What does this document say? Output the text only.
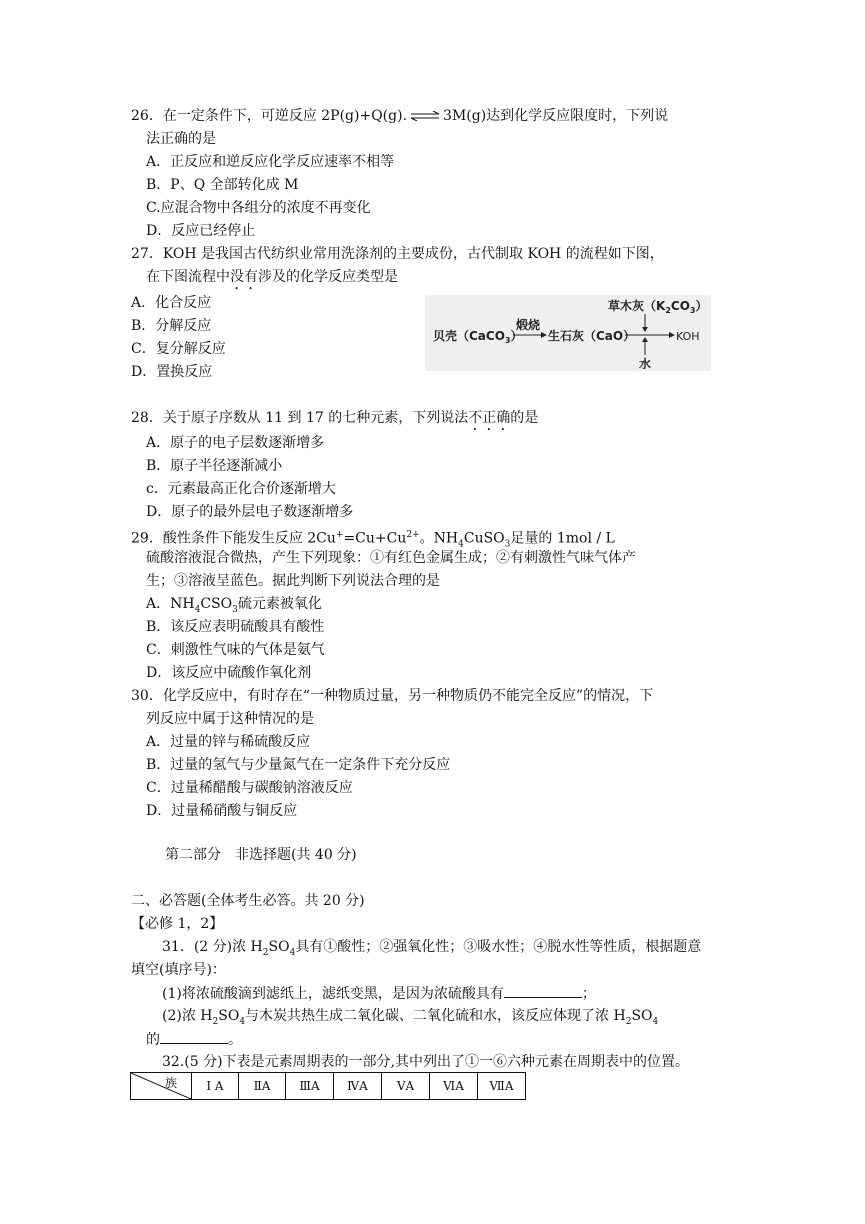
26．在一定条件下，可逆反应 2P(g)+Q(g). ⇌ 3M(g)达到化学反应限度时，下列说
法正确的是
A．正反应和逆反应化学反应速率不相等
B．P、Q 全部转化成 M
C.应混合物中各组分的浓度不再变化
D．反应已经停止
27．KOH 是我国古代纺织业常用洗涤剂的主要成份，古代制取 KOH 的流程如下图，
在下图流程中没有涉及的化学反应类型是
A．化合反应
B．分解反应
C．复分解反应
D．置换反应
草木灰$(K_2CO_3)$
贝壳（CaCO$_3$）
煅烧
生石灰（CaO）	KOH
水
28．关于原子序数从 11 到 17 的七种元素，下列说法不正确的是
A．原子的电子层数逐渐增多
B．原子半径逐渐减小
c．元素最高正化合价逐渐增大
D．原子的最外层电子数逐渐增多
29．酸性条件下能发生反应 $2Cu^+=Cu+Cu^{2+}$。$NH_4CuSO_3$足量的 1mol / L
硫酸溶液混合微热，产生下列现象：①有红色金属生成；②有刺激性气味气体产
生；③溶液呈蓝色。据此判断下列说法合理的是
A．$NH_4CSO_3$硫元素被氧化
B．该反应表明硫酸具有酸性
C．刺激性气味的气体是氨气
D．该反应中硫酸作氧化剂
30．化学反应中，有时存在“一种物质过量，另一种物质仍不能完全反应”的情况，下
列反应中属于这种情况的是
A．过量的锌与稀硫酸反应
B．过量的氢气与少量氮气在一定条件下充分反应
C．过量稀醋酸与碳酸钠溶液反应
D．过量稀硝酸与铜反应
第二部分　非选择题(共 40 分)
二、必答题(全体考生必答。共 20 分)
【必修 1，2】
31．(2 分)浓 $H_2SO_4$具有①酸性；②强氧化性；③吸水性；④脱水性等性质，根据题意
填空(填序号)：
(1)将浓硫酸滴到滤纸上，滤纸变黑，是因为浓硫酸具有	；
(2)浓 $H_2SO_4$与木炭共热生成二氧化碳、二氧化硫和水，该反应体现了浓 $H_2SO_4$
的	。
32.(5 分)下表是元素周期表的一部分,其中列出了①一⑥六种元素在周期表中的位置。
族	Ⅰ A	ⅡA	ⅢA	ⅣA	ⅤA	ⅥA	ⅦA
